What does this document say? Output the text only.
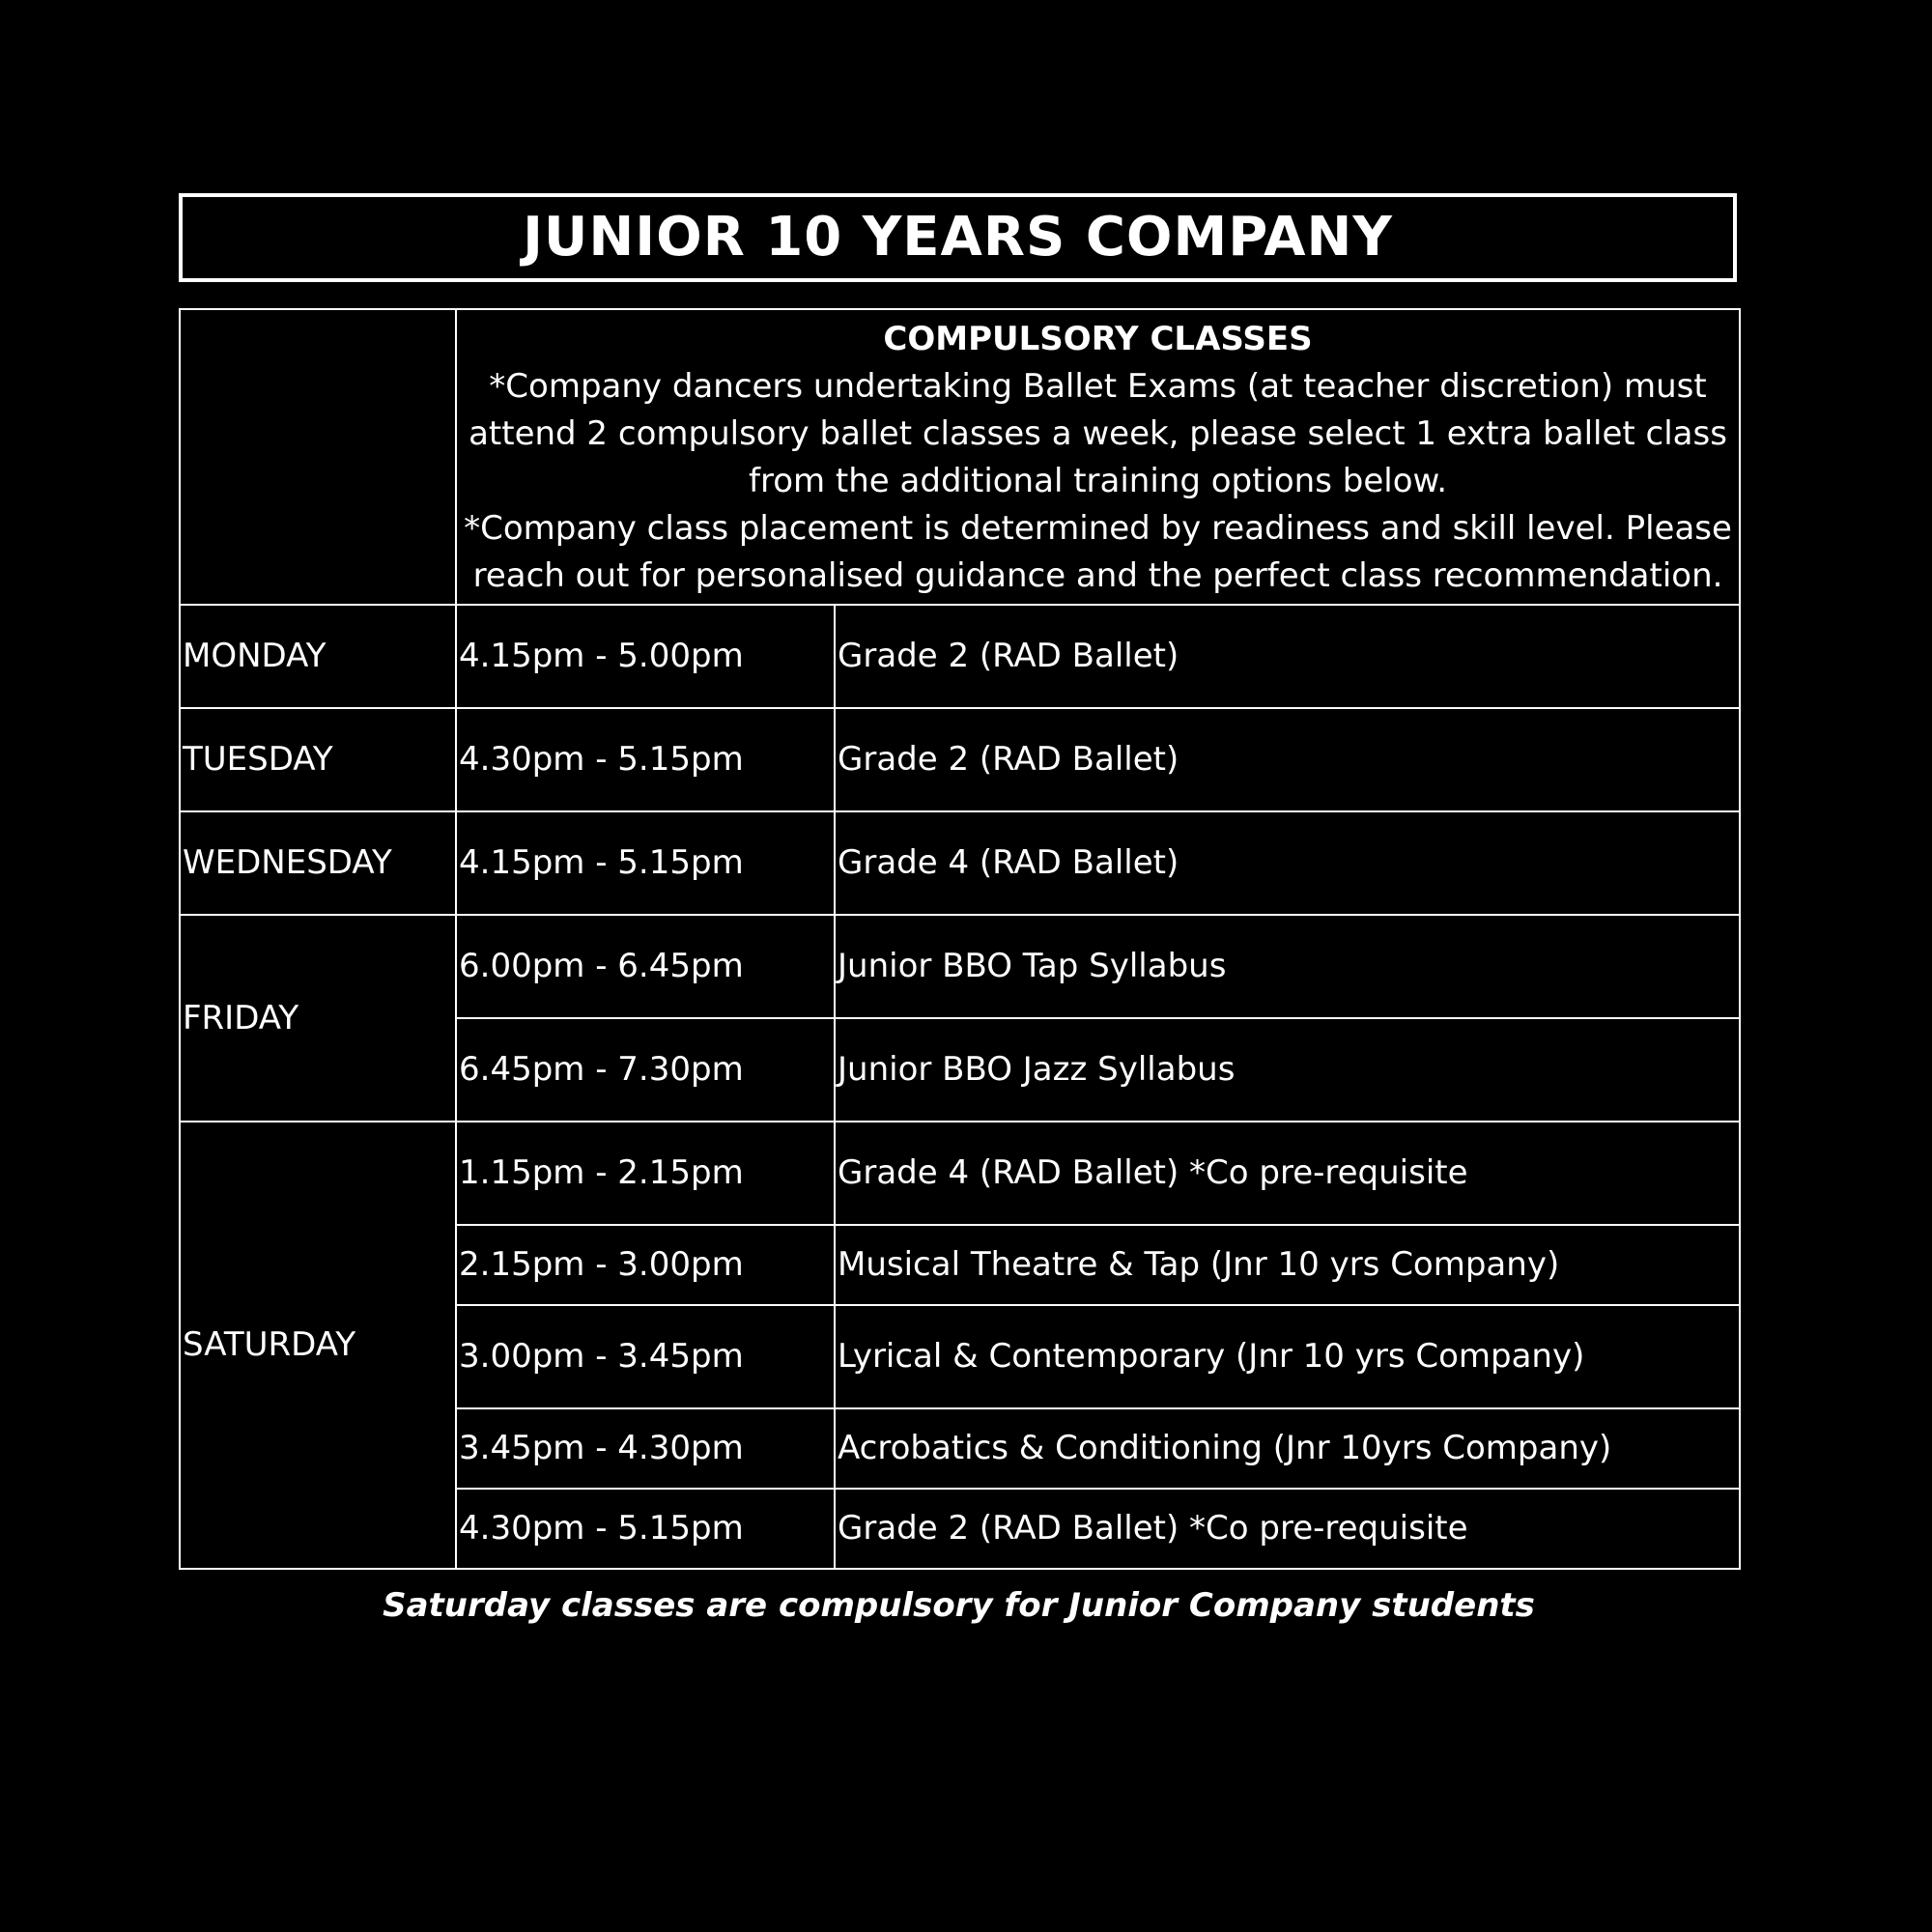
JUNIOR 10 YEARS COMPANY

	COMPULSORY CLASSES
*Company dancers undertaking Ballet Exams (at teacher discretion) must attend 2 compulsory ballet classes a week, please select 1 extra ballet class from the additional training options below.
*Company class placement is determined by readiness and skill level. Please reach out for personalised guidance and the perfect class recommendation.	

MONDAY	4.15pm - 5.00pm	Grade 2 (RAD Ballet)
TUESDAY	4.30pm - 5.15pm	Grade 2 (RAD Ballet)
WEDNESDAY	4.15pm - 5.15pm	Grade 4 (RAD Ballet)
FRIDAY	6.00pm - 6.45pm	Junior BBO Tap Syllabus
	6.45pm - 7.30pm	Junior BBO Jazz Syllabus
SATURDAY	1.15pm - 2.15pm	Grade 4 (RAD Ballet) *Co pre-requisite
	2.15pm - 3.00pm	Musical Theatre & Tap (Jnr 10 yrs Company)
	3.00pm - 3.45pm	Lyrical & Contemporary (Jnr 10 yrs Company)
	3.45pm - 4.30pm	Acrobatics & Conditioning (Jnr 10yrs Company)
	4.30pm - 5.15pm	Grade 2 (RAD Ballet) *Co pre-requisite
Saturday classes are compulsory for Junior Company students
